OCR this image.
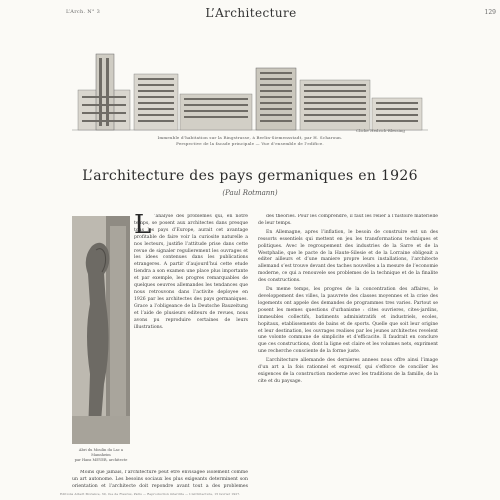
L’Arch. N° 3	L’Architecture	129
Cliche Hedrich-Blessing
Immeuble d’habitation sur la Ringstrasse, à Berlin-Siemensstadt, par H. Scharoun.
Perspective de la facade principale — Vue d’ensemble de l’edifice.
L’architecture des pays germaniques en 1926
(Paul Rotmann)
Abri du Moulin du Lac a Mannheim
par Hans MEYER, architecte
L ’analyse des problemes qui, en notre temps, se posent aux architectes dans presque tous les pays d’Europe, aurait cet avantage profitable de faire voir la curiosite naturelle a nos lecteurs, justifie l’attitude prise dans cette revue de signaler regulierement les ouvrages et les idees contenues dans les publications etrangeres. A partir d’aujourd’hui cette etude tiendra a son examen une place plus importante et par exemple, les progres remarquables de quelques oeuvres allemandes les tendances que nous retrouvons dans l’activite deployee en 1926 par les architectes des pays germaniques. Grace a l’obligeance de la Deutsche Bauzeitung et l’aide de plusieurs editeurs de revues, nous avons pu reproduire certaines de leurs illustrations.

Moins que jamais, l’architecture peut etre envisagee isolement comme un art autonome. Les besoins sociaux les plus exigeants determinent son orientation et l’architecte doit repondre avant tout a des problemes

des theories. Pour les comprendre, il faut les relier a l’histoire materielle de leur temps.

En Allemagne, apres l’inflation, le besoin de construire est un des ressorts essentiels qui mettent en jeu les transformations techniques et politiques. Avec le regroupement des industries de la Sarre et de la Westphalie, que le pacte de la Haute-Silesie et de la Lorraine obligeait a editer ailleurs et d’une maniere propre leurs installations, l’architecte allemand s’est trouve devant des taches nouvelles a la mesure de l’economie moderne, ce qui a renouvele ses problemes de la technique et de la finalite des constructions.

Du meme temps, les progres de la concentration des affaires, le developpement des villes, la pauvrete des classes moyennes et la crise des logements ont appele des demandes de programmes tres varies. Partout se posent les memes questions d’urbanisme : cites ouvrieres, cites-jardins, immeubles collectifs, batiments administratifs et industriels, ecoles, hopitaux, etablissements de bains et de sports. Quelle que soit leur origine et leur destination, les ouvrages realises par les jeunes architectes revelent une volonte commune de simplicite et d’efficacite. Il faudrait en conclure que ces constructions, dont la ligne est claire et les volumes nets, expriment une recherche consciente de la forme juste.

L’architecture allemande des dernieres annees nous offre ainsi l’image d’un art a la fois rationnel et expressif, qui s’efforce de concilier les exigences de la construction moderne avec les traditions de la famille, de la cite et du paysage.

Editions Albert Morance, 30, rue de Fleurus, Paris — Reproduction interdite — L’Architecture, 15 fevrier 1927.
